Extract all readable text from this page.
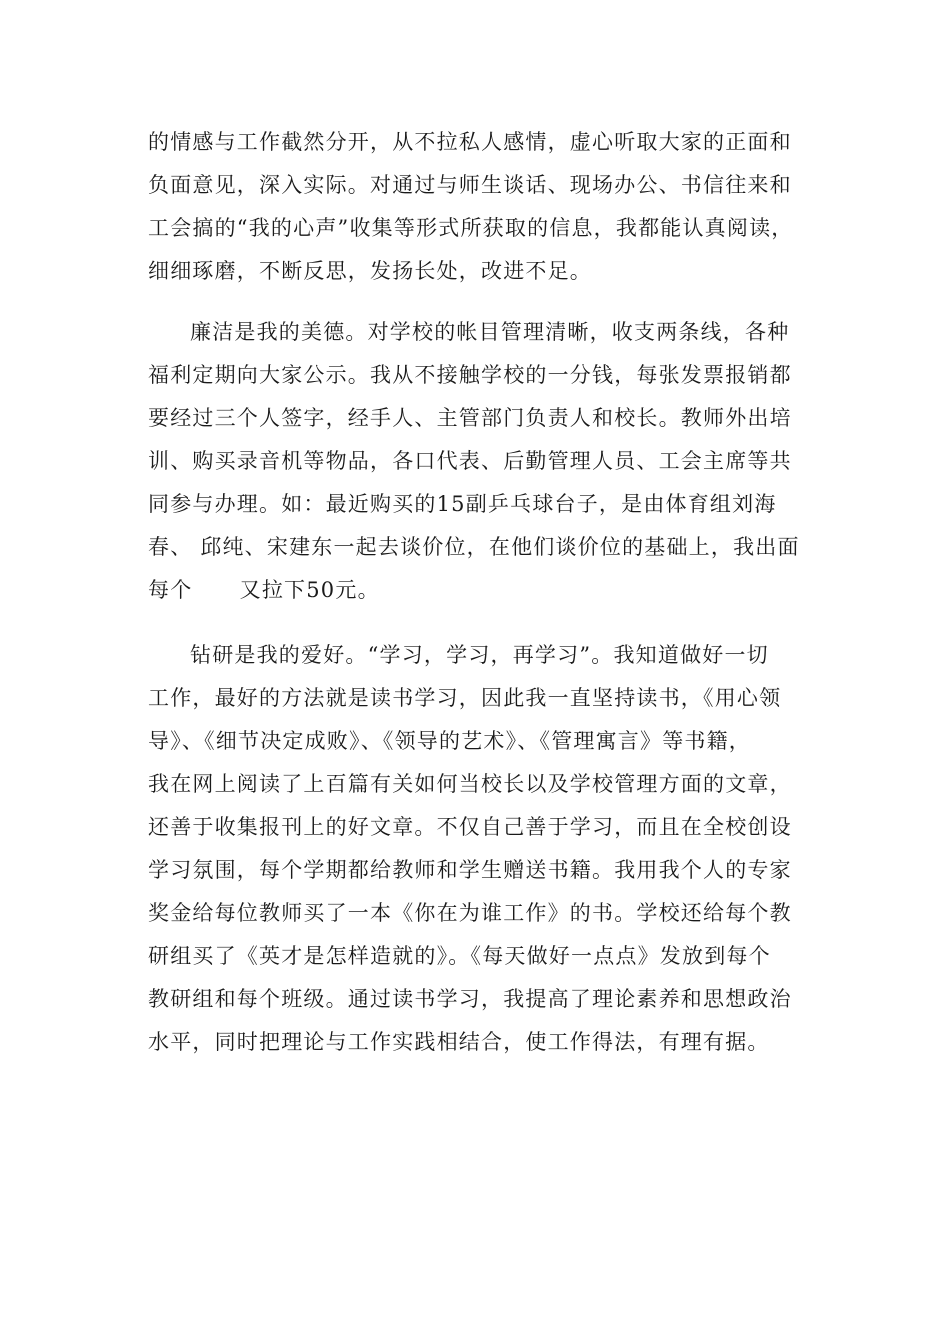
的情感与工作截然分开，从不拉私人感情，虚心听取大家的正面和
负面意见，深入实际。对通过与师生谈话、现场办公、书信往来和
工会搞的“我的心声”收集等形式所获取的信息，我都能认真阅读，
细细琢磨，不断反思，发扬长处，改进不足。
廉洁是我的美德。对学校的帐目管理清晰，收支两条线，各种
福利定期向大家公示。我从不接触学校的一分钱，每张发票报销都
要经过三个人签字，经手人、主管部门负责人和校长。教师外出培
训、购买录音机等物品，各口代表、后勤管理人员、工会主席等共
同参与办理。如：最近购买的15副乒乓球台子，是由体育组刘海
春、 邱纯、宋建东一起去谈价位，在他们谈价位的基础上，我出面
每个      又拉下50元。
钻研是我的爱好。“学习，学习，再学习”。我知道做好一切
工作，最好的方法就是读书学习，因此我一直坚持读书，《用心领
导》、《细节决定成败》、《领导的艺术》、《管理寓言》等书籍，
我在网上阅读了上百篇有关如何当校长以及学校管理方面的文章，
还善于收集报刊上的好文章。不仅自己善于学习，而且在全校创设
学习氛围，每个学期都给教师和学生赠送书籍。我用我个人的专家
奖金给每位教师买了一本《你在为谁工作》的书。学校还给每个教
研组买了《英才是怎样造就的》。《每天做好一点点》发放到每个
教研组和每个班级。通过读书学习，我提高了理论素养和思想政治
水平，同时把理论与工作实践相结合，使工作得法，有理有据。
